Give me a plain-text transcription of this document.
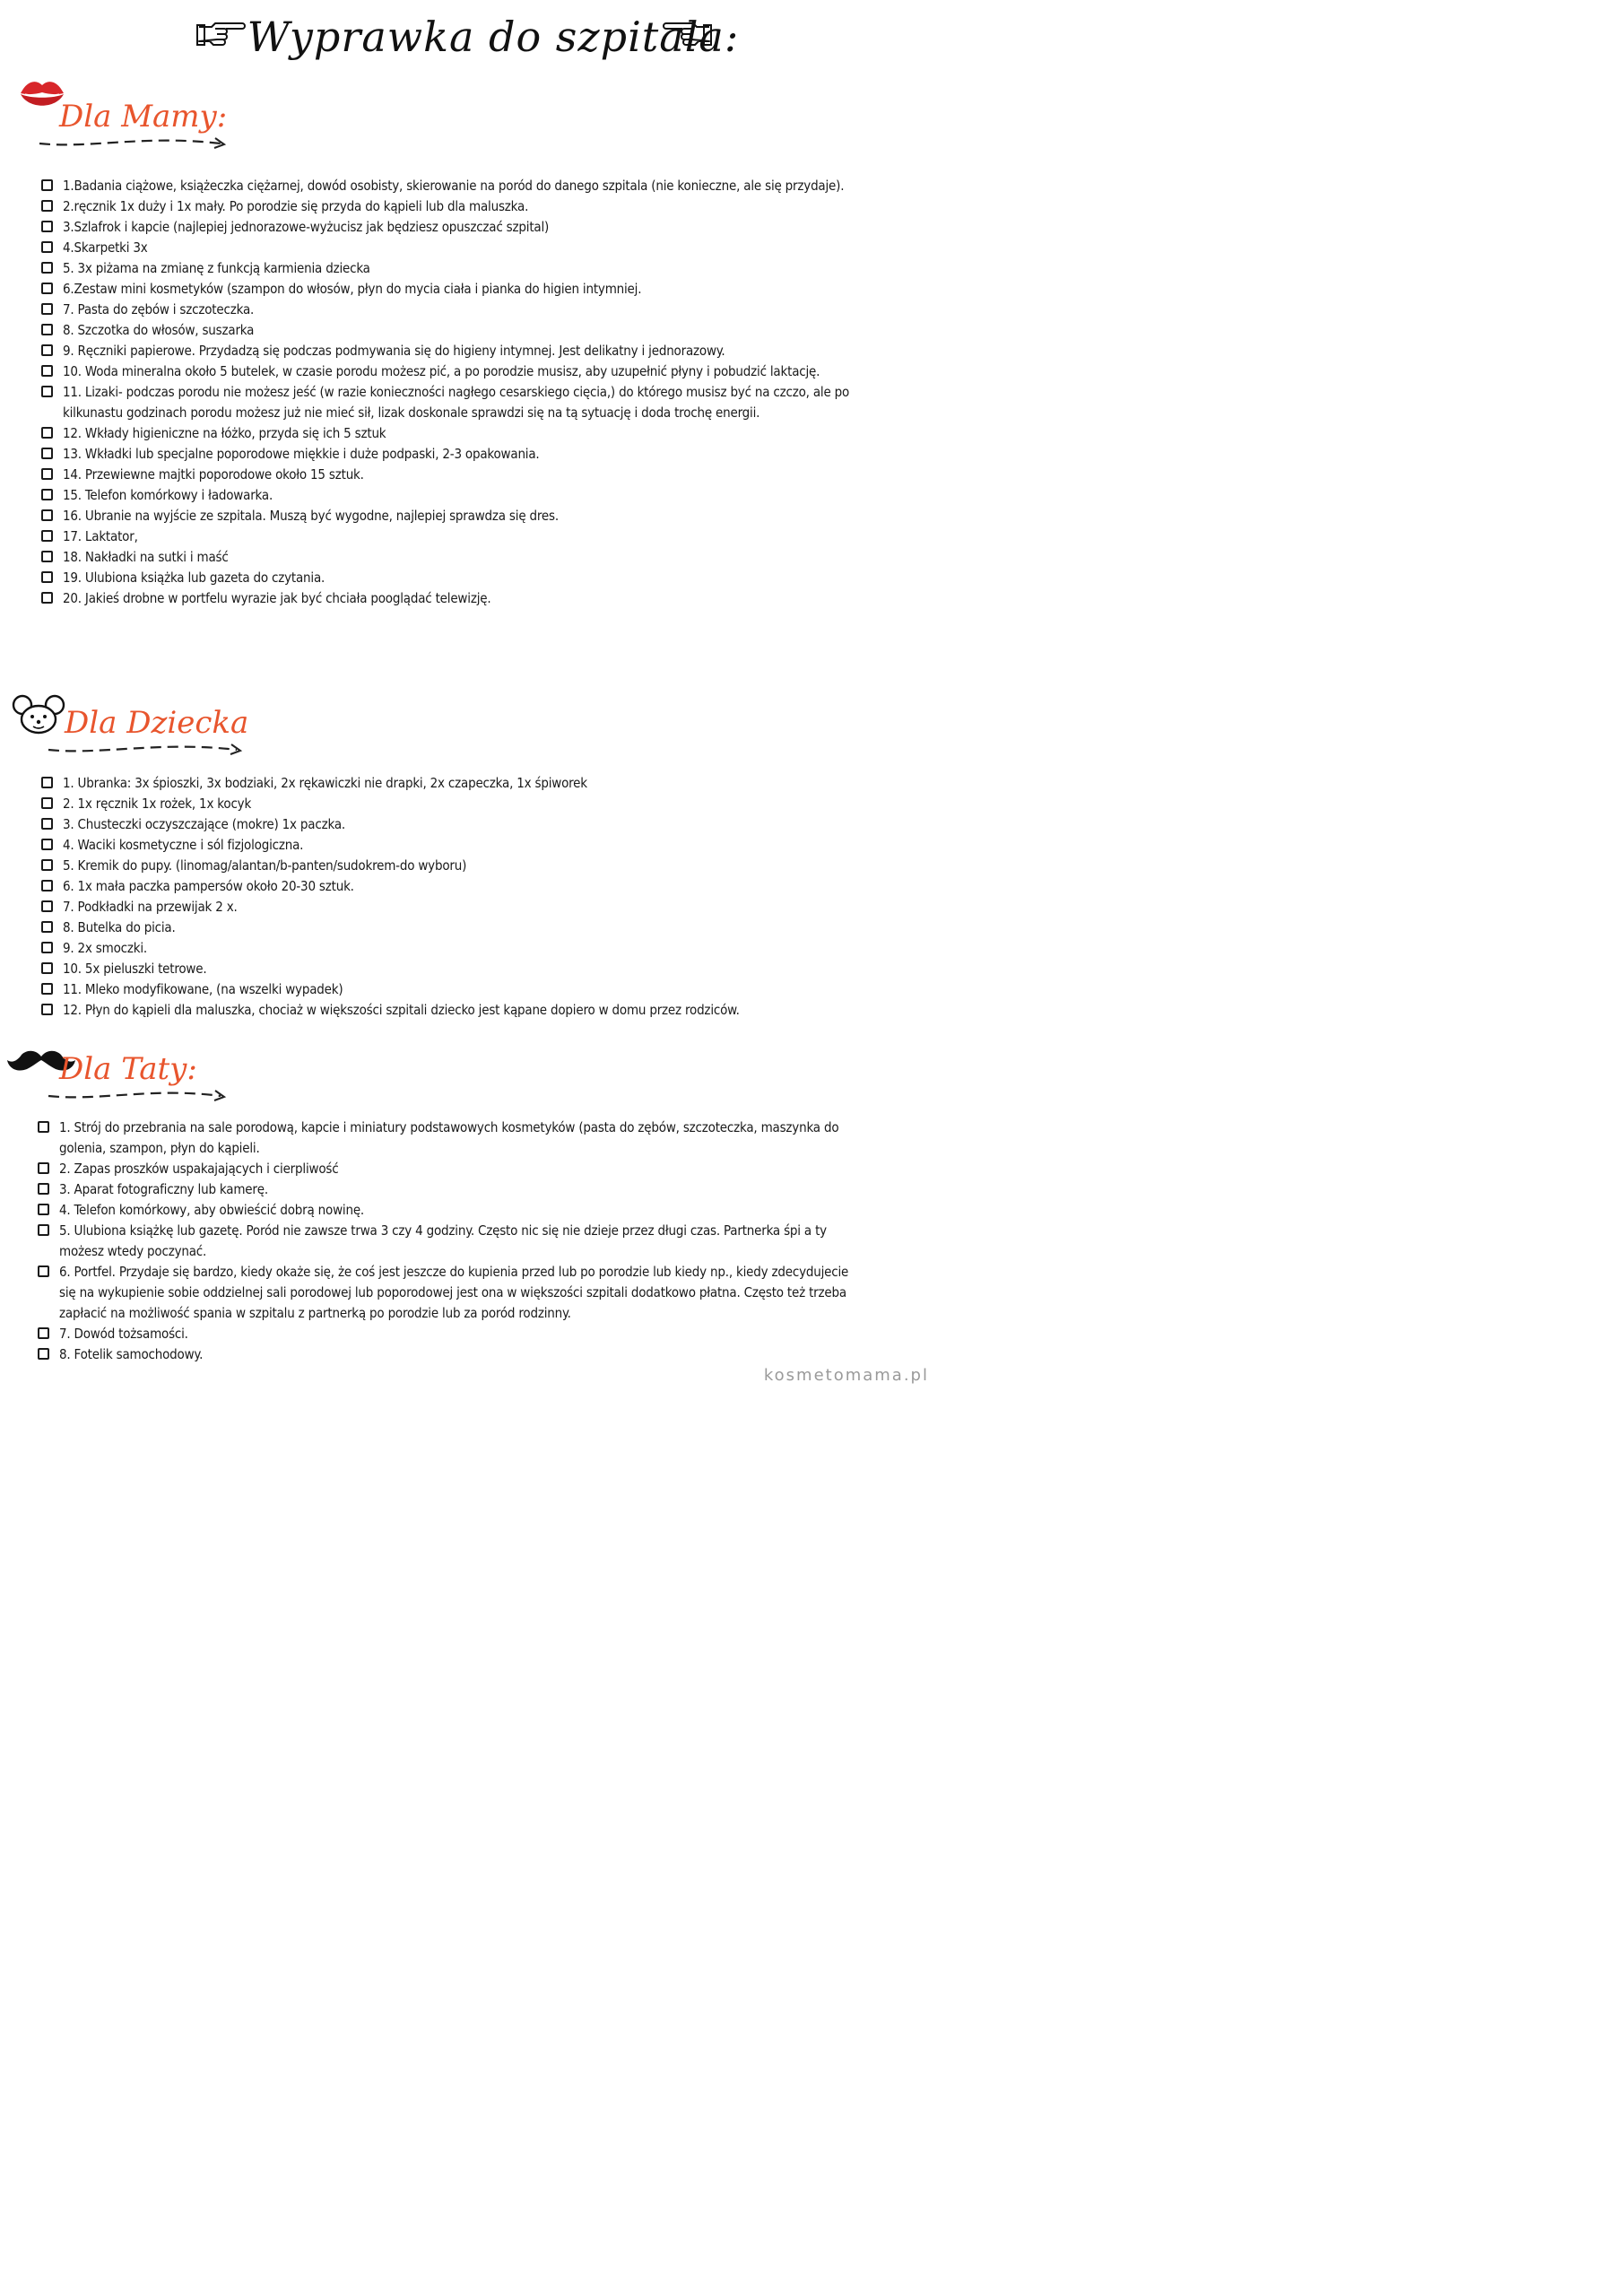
Wyprawka do szpitala:
Dla Mamy:
1.Badania ciążowe, książeczka ciężarnej, dowód osobisty, skierowanie na poród do danego szpitala (nie konieczne, ale się przydaje).
2.ręcznik 1x duży i 1x mały. Po porodzie się przyda do kąpieli lub dla maluszka.
3.Szlafrok i kapcie (najlepiej jednorazowe-wyżucisz jak będziesz opuszczać szpital)
4.Skarpetki 3x
5. 3x piżama na zmianę z funkcją karmienia dziecka
6.Zestaw mini kosmetyków (szampon do włosów, płyn do mycia ciała i pianka do higien intymniej.
7. Pasta do zębów i szczoteczka.
8. Szczotka do włosów, suszarka
9. Ręczniki papierowe. Przydadzą się podczas podmywania się do higieny intymnej. Jest delikatny i jednorazowy.
10. Woda mineralna około 5 butelek, w czasie porodu możesz pić, a po porodzie musisz, aby uzupełnić płyny i pobudzić laktację.
11. Lizaki- podczas porodu nie możesz jeść (w razie konieczności nagłego cesarskiego cięcia,) do którego musisz być na czczo, ale po kilkunastu godzinach porodu możesz już nie mieć sił, lizak doskonale sprawdzi się na tą sytuację i doda trochę energii.
12. Wkłady higieniczne na łóżko, przyda się ich 5 sztuk
13. Wkładki lub specjalne poporodowe miękkie i duże podpaski, 2-3 opakowania.
14. Przewiewne majtki poporodowe około 15 sztuk.
15. Telefon komórkowy i ładowarka.
16. Ubranie na wyjście ze szpitala. Muszą być wygodne, najlepiej sprawdza się dres.
17. Laktator,
18. Nakładki na sutki i maść
19. Ulubiona książka lub gazeta do czytania.
20. Jakieś drobne w portfelu wyrazie jak być chciała pooglądać telewizję.
Dla Dziecka
1. Ubranka: 3x śpioszki, 3x bodziaki, 2x rękawiczki nie drapki, 2x czapeczka, 1x śpiworek
2. 1x ręcznik 1x rożek, 1x kocyk
3. Chusteczki oczyszczające (mokre) 1x paczka.
4. Waciki kosmetyczne i sól fizjologiczna.
5. Kremik do pupy. (linomag/alantan/b-panten/sudokrem-do wyboru)
6. 1x mała paczka pampersów około 20-30 sztuk.
7. Podkładki na przewijak 2 x.
8. Butelka do picia.
9. 2x smoczki.
10. 5x pieluszki tetrowe.
11. Mleko modyfikowane, (na wszelki wypadek)
12. Płyn do kąpieli dla maluszka, chociaż w większości szpitali dziecko jest kąpane dopiero w domu przez rodziców.
Dla Taty:
1. Strój do przebrania na sale porodową, kapcie i miniatury podstawowych kosmetyków (pasta do zębów, szczoteczka, maszynka do golenia, szampon, płyn do kąpieli.
2. Zapas proszków uspakajających i cierpliwość
3. Aparat fotograficzny lub kamerę.
4. Telefon komórkowy, aby obwieścić dobrą nowinę.
5. Ulubiona książkę lub gazetę. Poród nie zawsze trwa 3 czy 4 godziny. Często nic się nie dzieje przez długi czas. Partnerka śpi a ty możesz wtedy poczynać.
6. Portfel. Przydaje się bardzo, kiedy okaże się, że coś jest jeszcze do kupienia przed lub po porodzie lub kiedy np., kiedy zdecydujecie się na wykupienie sobie oddzielnej sali porodowej lub poporodowej jest ona w większości szpitali dodatkowo płatna. Często też trzeba zapłacić na możliwość spania w szpitalu z partnerką po porodzie lub za poród rodzinny.
7. Dowód tożsamości.
8. Fotelik samochodowy.
kosmetomama.pl
